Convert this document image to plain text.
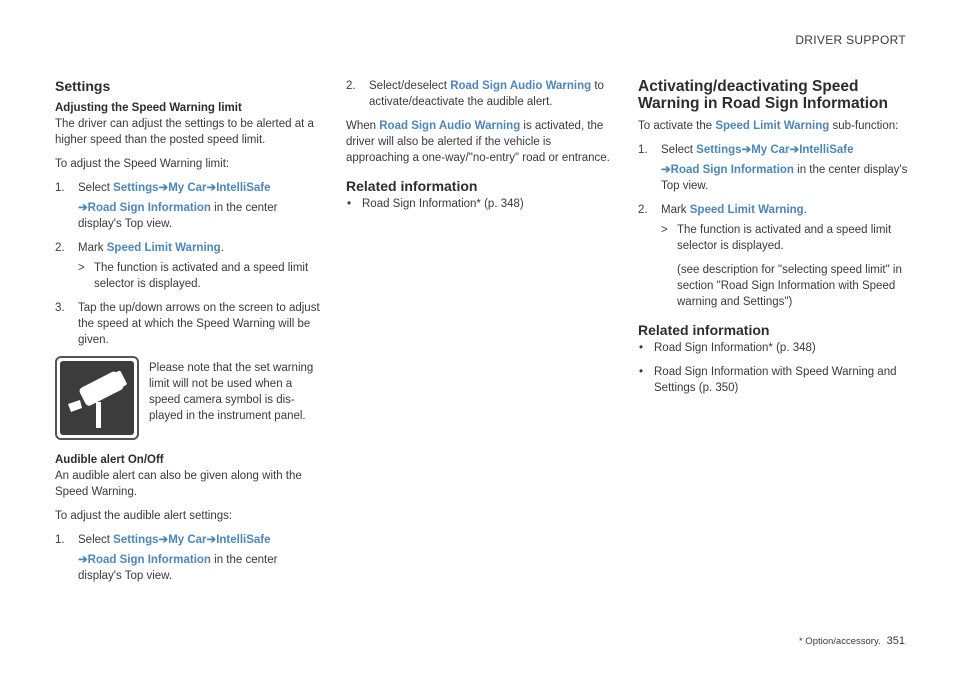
DRIVER SUPPORT
Settings
Adjusting the Speed Warning limit

The driver can adjust the settings to be alerted at a higher speed than the posted speed limit.

To adjust the Speed Warning limit:

1. Select Settings➔My Car➔IntelliSafe
➔Road Sign Information in the center display's Top view.
2. Mark Speed Limit Warning.
> The function is activated and a speed limit selector is displayed.
3. Tap the up/down arrows on the screen to adjust the speed at which the Speed Warning will be given.
Please note that the set warning limit will not be used when a speed camera symbol is displayed in the instrument panel.
Audible alert On/Off

An audible alert can also be given along with the Speed Warning.

To adjust the audible alert settings:

1. Select Settings➔My Car➔IntelliSafe
➔Road Sign Information in the center display's Top view.
2. Select/deselect Road Sign Audio Warning to activate/deactivate the audible alert.

When Road Sign Audio Warning is activated, the driver will also be alerted if the vehicle is approaching a one-way/"no-entry" road or entrance.

Related information
• Road Sign Information* (p. 348)
Activating/deactivating Speed Warning in Road Sign Information

To activate the Speed Limit Warning sub-function:

1. Select Settings➔My Car➔IntelliSafe
➔Road Sign Information in the center display's Top view.
2. Mark Speed Limit Warning.
> The function is activated and a speed limit selector is displayed.
(see description for "selecting speed limit" in section "Road Sign Information with Speed warning and Settings")
Related information
• Road Sign Information* (p. 348)
• Road Sign Information with Speed Warning and Settings (p. 350)
* Option/accessory. 351
